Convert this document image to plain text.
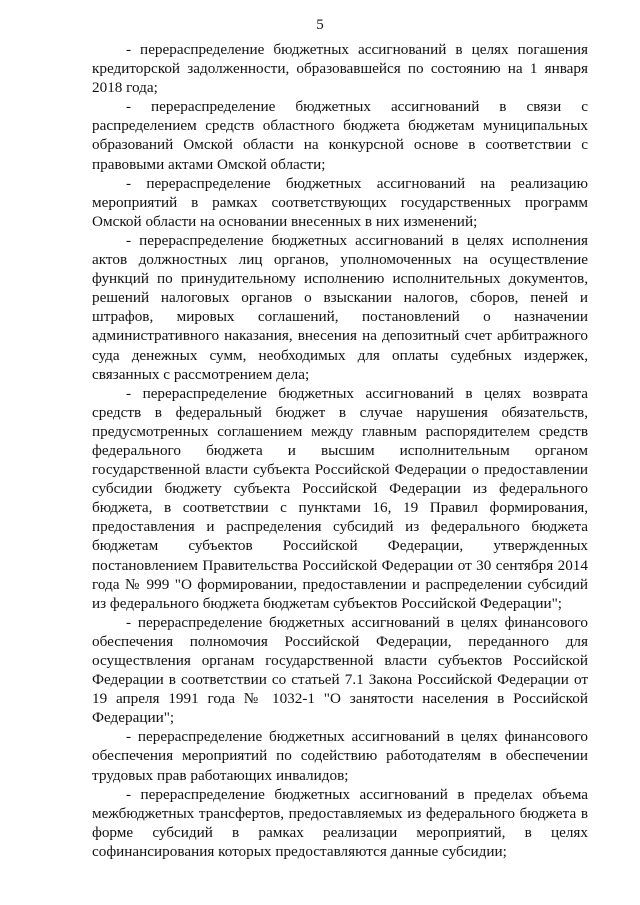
5

- перераспределение бюджетных ассигнований в целях погашения кредиторской задолженности, образовавшейся по состоянию на 1 января 2018 года;

- перераспределение бюджетных ассигнований в связи с распределением средств областного бюджета бюджетам муниципальных образований Омской области на конкурсной основе в соответствии с правовыми актами Омской области;

- перераспределение бюджетных ассигнований на реализацию мероприятий в рамках соответствующих государственных программ Омской области на основании внесенных в них изменений;

- перераспределение бюджетных ассигнований в целях исполнения актов должностных лиц органов, уполномоченных на осуществление функций по принудительному исполнению исполнительных документов, решений налоговых органов о взыскании налогов, сборов, пеней и штрафов, мировых соглашений, постановлений о назначении административного наказания, внесения на депозитный счет арбитражного суда денежных сумм, необходимых для оплаты судебных издержек, связанных с рассмотрением дела;

- перераспределение бюджетных ассигнований в целях возврата средств в федеральный бюджет в случае нарушения обязательств, предусмотренных соглашением между главным распорядителем средств федерального бюджета и высшим исполнительным органом государственной власти субъекта Российской Федерации о предоставлении субсидии бюджету субъекта Российской Федерации из федерального бюджета, в соответствии с пунктами 16, 19 Правил формирования, предоставления и распределения субсидий из федерального бюджета бюджетам субъектов Российской Федерации, утвержденных постановлением Правительства Российской Федерации от 30 сентября 2014 года № 999 "О формировании, предоставлении и распределении субсидий из федерального бюджета бюджетам субъектов Российской Федерации";

- перераспределение бюджетных ассигнований в целях финансового обеспечения полномочия Российской Федерации, переданного для осуществления органам государственной власти субъектов Российской Федерации в соответствии со статьей 7.1 Закона Российской Федерации от 19 апреля 1991 года № 1032-1 "О занятости населения в Российской Федерации";

- перераспределение бюджетных ассигнований в целях финансового обеспечения мероприятий по содействию работодателям в обеспечении трудовых прав работающих инвалидов;

- перераспределение бюджетных ассигнований в пределах объема межбюджетных трансфертов, предоставляемых из федерального бюджета в форме субсидий в рамках реализации мероприятий, в целях софинансирования которых предоставляются данные субсидии;
